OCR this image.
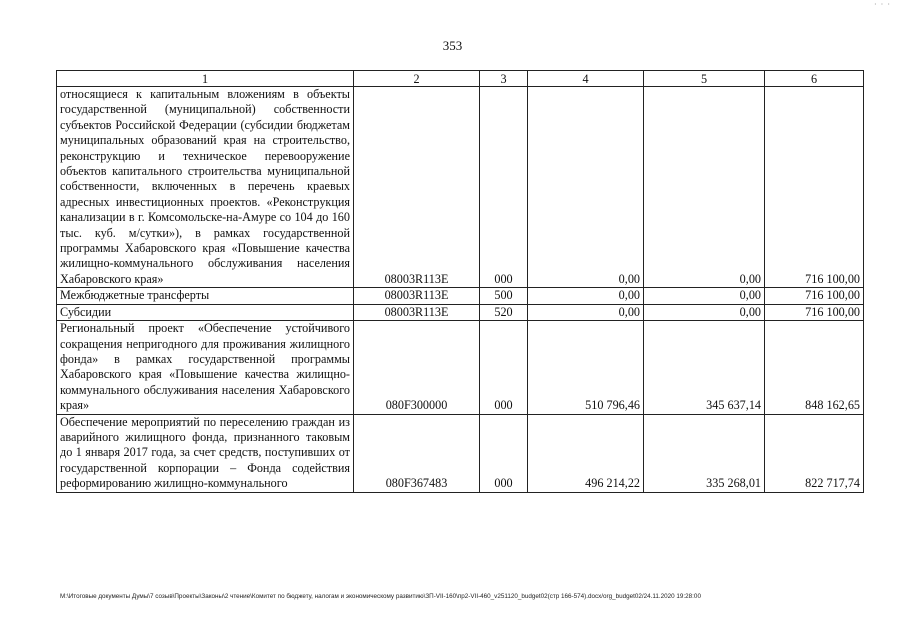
· · ·
353
1	2	3	4	5	6
относящиеся к капитальным вложениям в объекты государственной (муниципальной) собственности субъектов Российской Федерации (субсидии бюджетам муниципальных образований края на строительство, реконструкцию и техническое перевооружение объектов капитального строительства муниципальной собственности, включенных в перечень краевых адресных инвестиционных проектов. «Реконструкция канализации в г. Комсомольске-на-Амуре со 104 до 160 тыс. куб. м/сутки»), в рамках государственной программы Хабаровского края «Повышение качества жилищно-коммунального обслуживания населения Хабаровского края»	08003R113E	000	0,00	0,00	716 100,00
Межбюджетные трансферты	08003R113E	500	0,00	0,00	716 100,00
Субсидии	08003R113E	520	0,00	0,00	716 100,00
Региональный проект «Обеспечение устойчивого сокращения непригодного для проживания жилищного фонда» в рамках государственной программы Хабаровского края «Повышение качества жилищно-коммунального обслуживания населения Хабаровского края»	080F300000	000	510 796,46	345 637,14	848 162,65
Обеспечение мероприятий по переселению граждан из аварийного жилищного фонда, признанного таковым до 1 января 2017 года, за счет средств, поступивших от государственной корпорации – Фонда содействия реформированию жилищно-коммунального	080F367483	000	496 214,22	335 268,01	822 717,74
M:\Итоговые документы Думы\7 созыв\Проекты\Законы\2 чтение\Комитет по бюджету, налогам и экономическому развитию\ЗП-VII-160\пр2-VII-460_v251120_budget02(стр 166-574).docx/org_budget02/24.11.2020 19:28:00
